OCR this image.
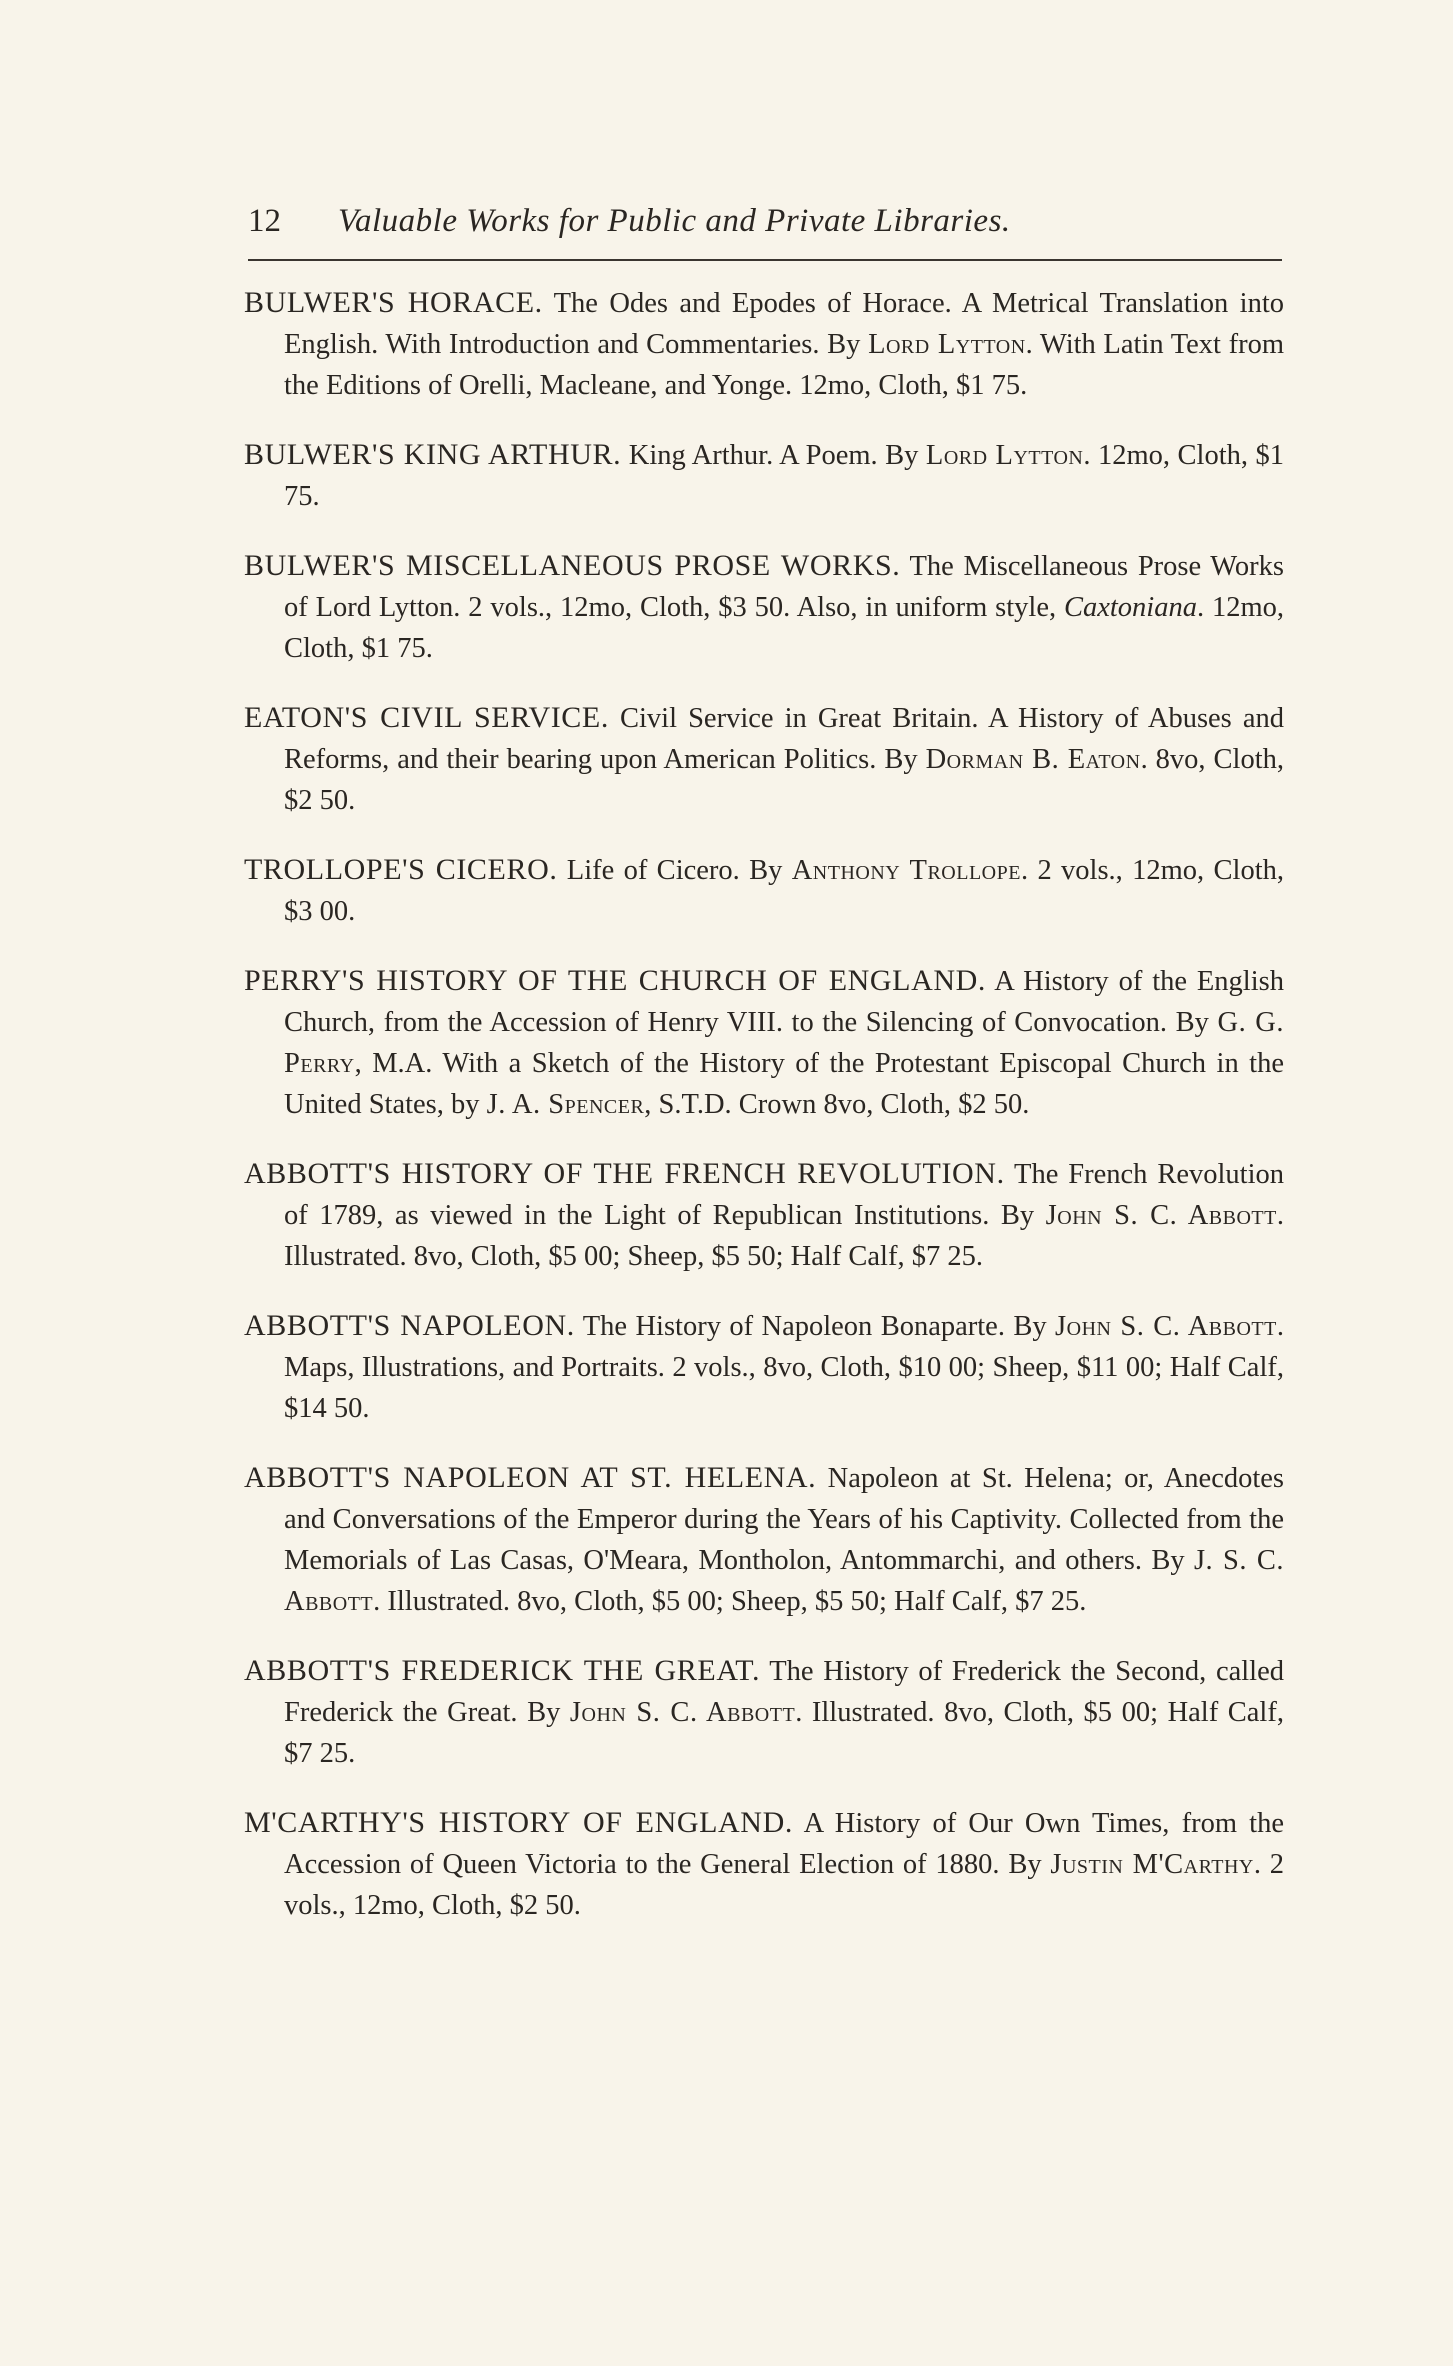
12	Valuable Works for Public and Private Libraries.

BULWER'S HORACE. The Odes and Epodes of Horace. A Metrical Translation into English. With Introduction and Commentaries. By Lord Lytton. With Latin Text from the Editions of Orelli, Macleane, and Yonge. 12mo, Cloth, $1 75.

BULWER'S KING ARTHUR. King Arthur. A Poem. By Lord Lytton. 12mo, Cloth, $1 75.

BULWER'S MISCELLANEOUS PROSE WORKS. The Miscellaneous Prose Works of Lord Lytton. 2 vols., 12mo, Cloth, $3 50. Also, in uniform style, Caxtoniana. 12mo, Cloth, $1 75.

EATON'S CIVIL SERVICE. Civil Service in Great Britain. A History of Abuses and Reforms, and their bearing upon American Politics. By Dorman B. Eaton. 8vo, Cloth, $2 50.

TROLLOPE'S CICERO. Life of Cicero. By Anthony Trollope. 2 vols., 12mo, Cloth, $3 00.

PERRY'S HISTORY OF THE CHURCH OF ENGLAND. A History of the English Church, from the Accession of Henry VIII. to the Silencing of Convocation. By G. G. Perry, M.A. With a Sketch of the History of the Protestant Episcopal Church in the United States, by J. A. Spencer, S.T.D. Crown 8vo, Cloth, $2 50.

ABBOTT'S HISTORY OF THE FRENCH REVOLUTION. The French Revolution of 1789, as viewed in the Light of Republican Institutions. By John S. C. Abbott. Illustrated. 8vo, Cloth, $5 00; Sheep, $5 50; Half Calf, $7 25.

ABBOTT'S NAPOLEON. The History of Napoleon Bonaparte. By John S. C. Abbott. Maps, Illustrations, and Portraits. 2 vols., 8vo, Cloth, $10 00; Sheep, $11 00; Half Calf, $14 50.

ABBOTT'S NAPOLEON AT ST. HELENA. Napoleon at St. Helena; or, Anecdotes and Conversations of the Emperor during the Years of his Captivity. Collected from the Memorials of Las Casas, O'Meara, Montholon, Antommarchi, and others. By J. S. C. Abbott. Illustrated. 8vo, Cloth, $5 00; Sheep, $5 50; Half Calf, $7 25.

ABBOTT'S FREDERICK THE GREAT. The History of Frederick the Second, called Frederick the Great. By John S. C. Abbott. Illustrated. 8vo, Cloth, $5 00; Half Calf, $7 25.

M'CARTHY'S HISTORY OF ENGLAND. A History of Our Own Times, from the Accession of Queen Victoria to the General Election of 1880. By Justin M'Carthy. 2 vols., 12mo, Cloth, $2 50.
